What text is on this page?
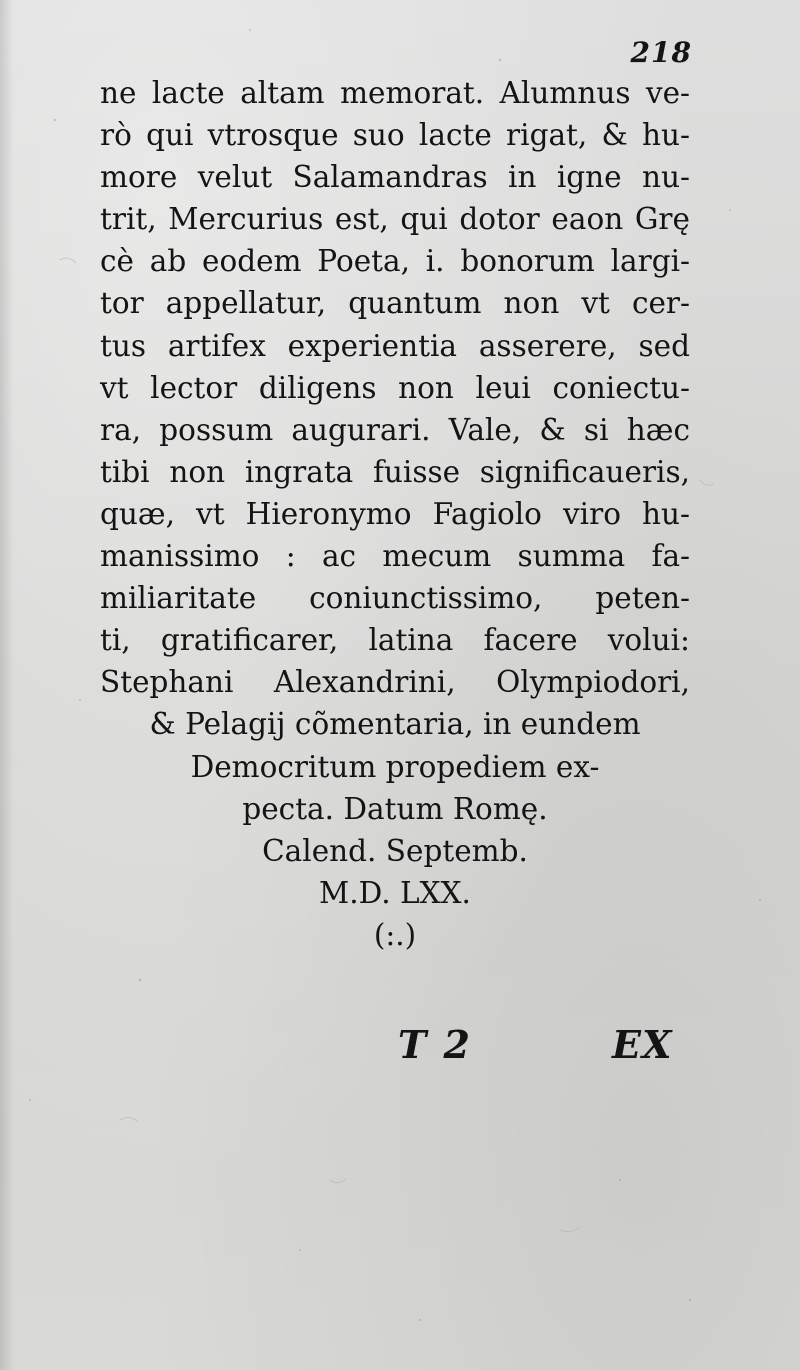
218
ne lacte altam memorat. Alumnus ve-
rò qui vtrosque suo lacte rigat, & hu-
more velut Salamandras in igne nu-
trit, Mercurius est, qui dotor eaon Grę
cè ab eodem Poeta, i. bonorum largi-
tor appellatur, quantum non vt cer-
tus artifex experientia asserere, sed
vt lector diligens non leui coniectu-
ra, possum augurari. Vale, & si hæc
tibi non ingrata fuisse significaueris,
quæ, vt Hieronymo Fagiolo viro hu-
manissimo : ac mecum summa fa-
miliaritate coniunctissimo, peten-
ti, gratificarer, latina facere volui:
Stephani Alexandrini, Olympiodori,
& Pelagij cõmentaria, in eundem
Democritum propediem ex-
pecta. Datum Romę.
Calend. Septemb.
M.D. LXX.
(:.)
T 2	EX
